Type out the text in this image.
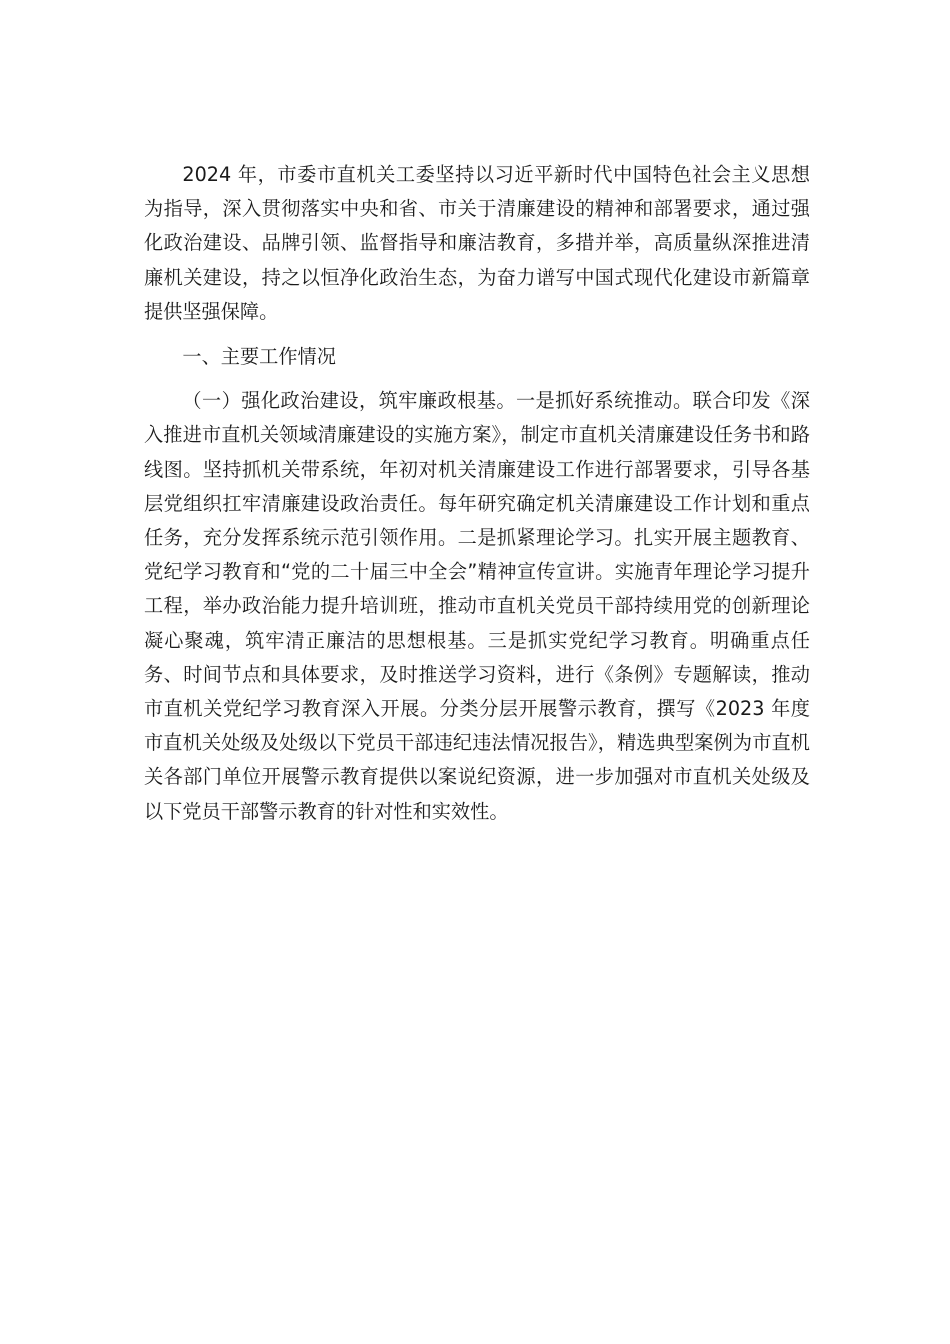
2024 年，市委市直机关工委坚持以习近平新时代中国特色社会主义思想为指导，深入贯彻落实中央和省、市关于清廉建设的精神和部署要求，通过强化政治建设、品牌引领、监督指导和廉洁教育，多措并举，高质量纵深推进清廉机关建设，持之以恒净化政治生态，为奋力谱写中国式现代化建设市新篇章提供坚强保障。

一、主要工作情况

（一）强化政治建设，筑牢廉政根基。一是抓好系统推动。联合印发《深入推进市直机关领域清廉建设的实施方案》，制定市直机关清廉建设任务书和路线图。坚持抓机关带系统，年初对机关清廉建设工作进行部署要求，引导各基层党组织扛牢清廉建设政治责任。每年研究确定机关清廉建设工作计划和重点任务，充分发挥系统示范引领作用。二是抓紧理论学习。扎实开展主题教育、党纪学习教育和“党的二十届三中全会”精神宣传宣讲。实施青年理论学习提升工程，举办政治能力提升培训班，推动市直机关党员干部持续用党的创新理论凝心聚魂，筑牢清正廉洁的思想根基。三是抓实党纪学习教育。明确重点任务、时间节点和具体要求，及时推送学习资料，进行《条例》专题解读，推动市直机关党纪学习教育深入开展。分类分层开展警示教育，撰写《2023 年度市直机关处级及处级以下党员干部违纪违法情况报告》，精选典型案例为市直机关各部门单位开展警示教育提供以案说纪资源，进一步加强对市直机关处级及以下党员干部警示教育的针对性和实效性。
